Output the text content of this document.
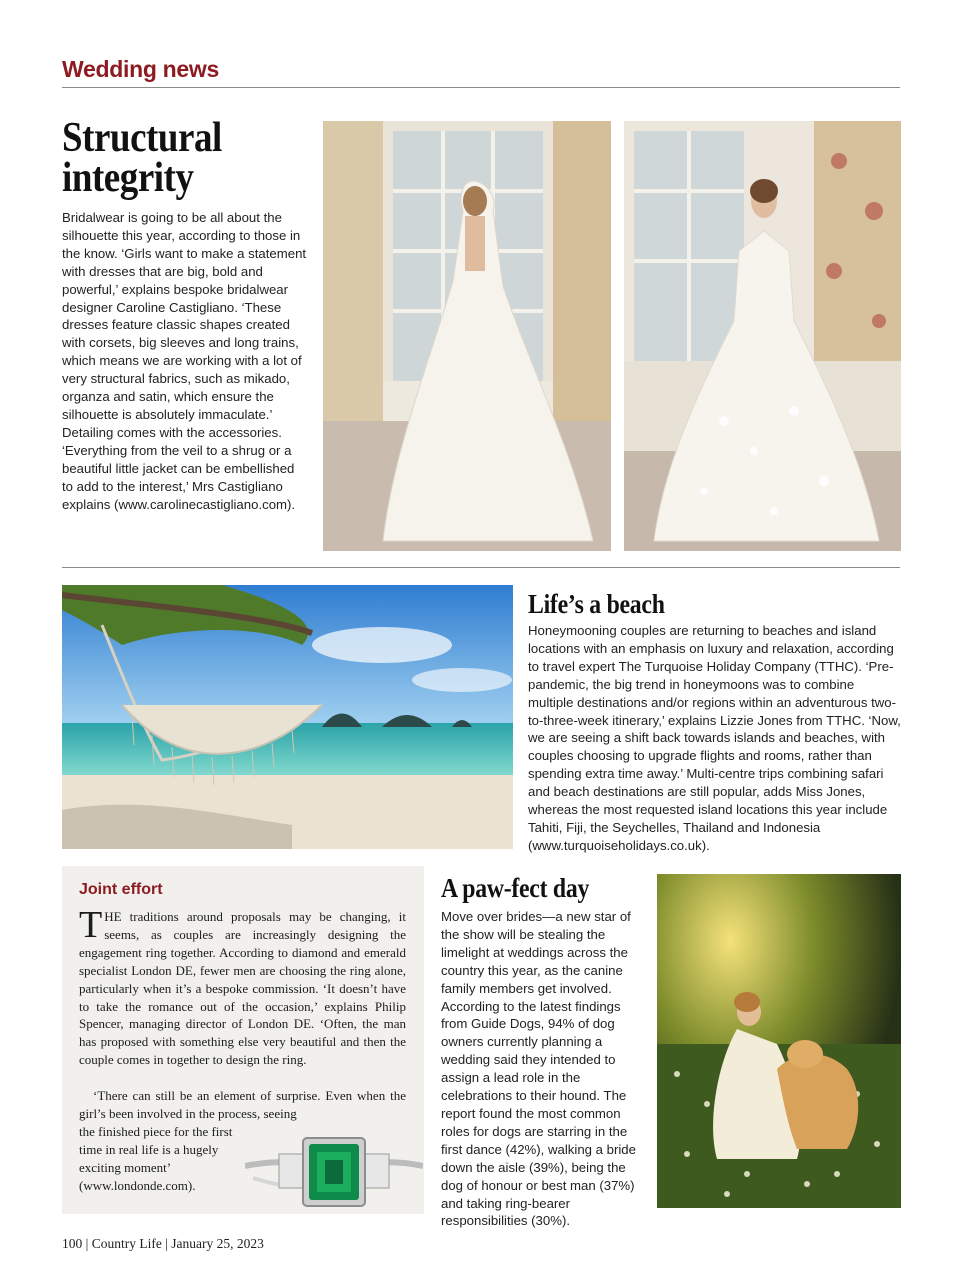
Wedding news
Structural integrity

Bridalwear is going to be all about the silhouette this year, according to those in the know. ‘Girls want to make a statement with dresses that are big, bold and powerful,’ explains bespoke bridalwear designer Caroline Castigliano. ‘These dresses feature classic shapes created with corsets, big sleeves and long trains, which means we are working with a lot of very structural fabrics, such as mikado, organza and satin, which ensure the silhouette is absolutely immaculate.’ Detailing comes with the accessories. ‘Everything from the veil to a shrug or a beautiful little jacket can be embellished to add to the interest,’ Mrs Castigliano explains (www.carolinecastigliano.com).

Life’s a beach

Honeymooning couples are returning to beaches and island locations with an emphasis on luxury and relaxation, according to travel expert The Turquoise Holiday Company (TTHC). ‘Pre-pandemic, the big trend in honeymoons was to combine multiple destinations and/or regions within an adventurous two-to-three-week itinerary,’ explains Lizzie Jones from TTHC. ‘Now, we are seeing a shift back towards islands and beaches, with couples choosing to upgrade flights and rooms, rather than spending extra time away.’ Multi-centre trips combining safari and beach destinations are still popular, adds Miss Jones, whereas the most requested island locations this year include Tahiti, Fiji, the Seychelles, Thailand and Indonesia (www.turquoiseholidays.co.uk).

Joint effort

THE traditions around proposals may be changing, it seems, as couples are increasingly designing the engagement ring together. According to diamond and emerald specialist London DE, fewer men are choosing the ring alone, particularly when it’s a bespoke commission. ‘It doesn’t have to take the romance out of the occasion,’ explains Philip Spencer, managing director of London DE. ‘Often, the man has proposed with something else very beautiful and then the couple comes in together to design the ring.

‘There can still be an element of surprise. Even when the girl’s been involved in the process, seeing

the finished piece for the first time in real life is a hugely exciting moment’ (www.londonde.com).

A paw-fect day

Move over brides—a new star of the show will be stealing the limelight at weddings across the country this year, as the canine family members get involved. According to the latest findings from Guide Dogs, 94% of dog owners currently planning a wedding said they intended to assign a lead role in the celebrations to their hound. The report found the most common roles for dogs are starring in the first dance (42%), walking a bride down the aisle (39%), being the dog of honour or best man (37%) and taking ring-bearer responsibilities (30%).

100 | Country Life | January 25, 2023
